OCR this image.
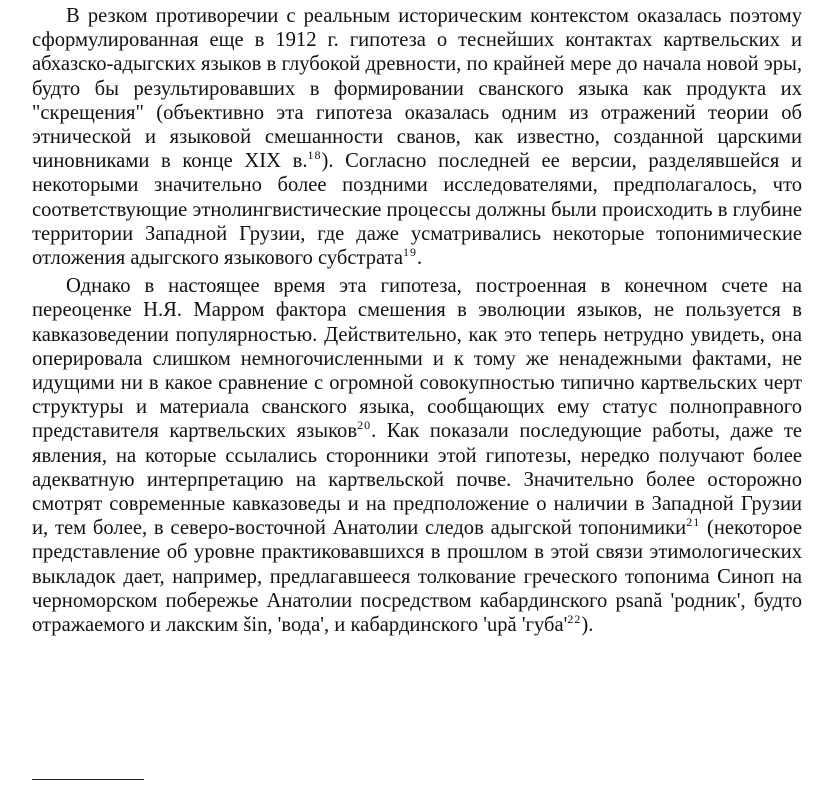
В резком противоречии с реальным историческим контекстом оказалась поэтому сформулированная еще в 1912 г. гипотеза о теснейших контактах картвельских и абхазско-адыгских языков в глубокой древности, по крайней мере до начала новой эры, будто бы результировавших в формировании сванского языка как продукта их "скрещения" (объективно эта гипотеза оказалась одним из отражений теории об этнической и языковой смешанности сванов, как известно, созданной царскими чиновниками в конце XIX в.$^{18}$). Согласно последней ее версии, разделявшейся и некоторыми значительно более поздними исследователями, предполагалось, что соответствующие этнолингвистические процессы должны были происходить в глубине территории Западной Грузии, где даже усматривались некоторые топонимические отложения адыгского языкового субстрата$^{19}$.

Однако в настоящее время эта гипотеза, построенная в конечном счете на переоценке Н.Я. Марром фактора смешения в эволюции языков, не пользуется в кавказоведении популярностью. Действительно, как это теперь нетрудно увидеть, она оперировала слишком немногочисленными и к тому же ненадежными фактами, не идущими ни в какое сравнение с огромной совокупностью типично картвельских черт структуры и материала сванского языка, сообщающих ему статус полноправного представителя картвельских языков$^{20}$. Как показали последующие работы, даже те явления, на которые ссылались сторонники этой гипотезы, нередко получают более адекватную интерпретацию на картвельской почве. Значительно более осторожно смотрят современные кавказоведы и на предположение о наличии в Западной Грузии и, тем более, в северо-восточной Анатолии следов адыгской топонимики$^{21}$ (некоторое представление об уровне практиковавшихся в прошлом в этой связи этимологических выкладок дает, например, предлагавшееся толкование греческого топонима Синоп на черноморском побережье Анатолии посредством кабардинского psană 'родник', будто отражаемого и лакским šin, 'вода', и кабардинского 'upă '$губа'^{22}$).
